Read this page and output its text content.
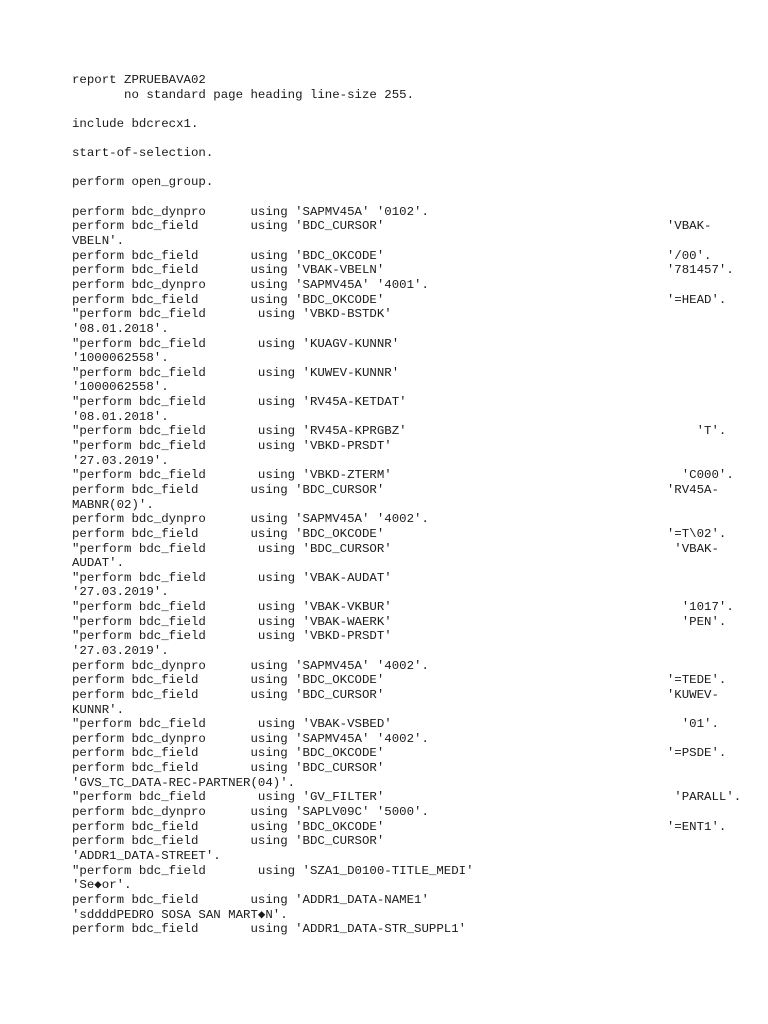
report ZPRUEBAVA02
no standard page heading line-size 255.
include bdcrecx1.
start-of-selection.
perform open_group.
perform bdc_dynpro      using 'SAPMV45A' '0102'.
perform bdc_field       using 'BDC_CURSOR'                                      'VBAK-
VBELN'.
perform bdc_field       using 'BDC_OKCODE'                                      '/00'.
perform bdc_field       using 'VBAK-VBELN'                                      '781457'.
perform bdc_dynpro      using 'SAPMV45A' '4001'.
perform bdc_field       using 'BDC_OKCODE'                                      '=HEAD'.
"perform bdc_field       using 'VBKD-BSTDK'
'08.01.2018'.
"perform bdc_field       using 'KUAGV-KUNNR'
'1000062558'.
"perform bdc_field       using 'KUWEV-KUNNR'
'1000062558'.
"perform bdc_field       using 'RV45A-KETDAT'
'08.01.2018'.
"perform bdc_field       using 'RV45A-KPRGBZ'                                       'T'.
"perform bdc_field       using 'VBKD-PRSDT'
'27.03.2019'.
"perform bdc_field       using 'VBKD-ZTERM'                                       'C000'.
perform bdc_field       using 'BDC_CURSOR'                                      'RV45A-
MABNR(02)'.
perform bdc_dynpro      using 'SAPMV45A' '4002'.
perform bdc_field       using 'BDC_OKCODE'                                      '=T\02'.
"perform bdc_field       using 'BDC_CURSOR'                                      'VBAK-
AUDAT'.
"perform bdc_field       using 'VBAK-AUDAT'
'27.03.2019'.
"perform bdc_field       using 'VBAK-VKBUR'                                       '1017'.
"perform bdc_field       using 'VBAK-WAERK'                                       'PEN'.
"perform bdc_field       using 'VBKD-PRSDT'
'27.03.2019'.
perform bdc_dynpro      using 'SAPMV45A' '4002'.
perform bdc_field       using 'BDC_OKCODE'                                      '=TEDE'.
perform bdc_field       using 'BDC_CURSOR'                                      'KUWEV-
KUNNR'.
"perform bdc_field       using 'VBAK-VSBED'                                       '01'.
perform bdc_dynpro      using 'SAPMV45A' '4002'.
perform bdc_field       using 'BDC_OKCODE'                                      '=PSDE'.
perform bdc_field       using 'BDC_CURSOR'
'GVS_TC_DATA-REC-PARTNER(04)'.
"perform bdc_field       using 'GV_FILTER'                                       'PARALL'.
perform bdc_dynpro      using 'SAPLV09C' '5000'.
perform bdc_field       using 'BDC_OKCODE'                                      '=ENT1'.
perform bdc_field       using 'BDC_CURSOR'
'ADDR1_DATA-STREET'.
"perform bdc_field       using 'SZA1_D0100-TITLE_MEDI'
'Se◆or'.
perform bdc_field       using 'ADDR1_DATA-NAME1'
'sddddPEDRO SOSA SAN MART◆N'.
perform bdc_field       using 'ADDR1_DATA-STR_SUPPL1'
